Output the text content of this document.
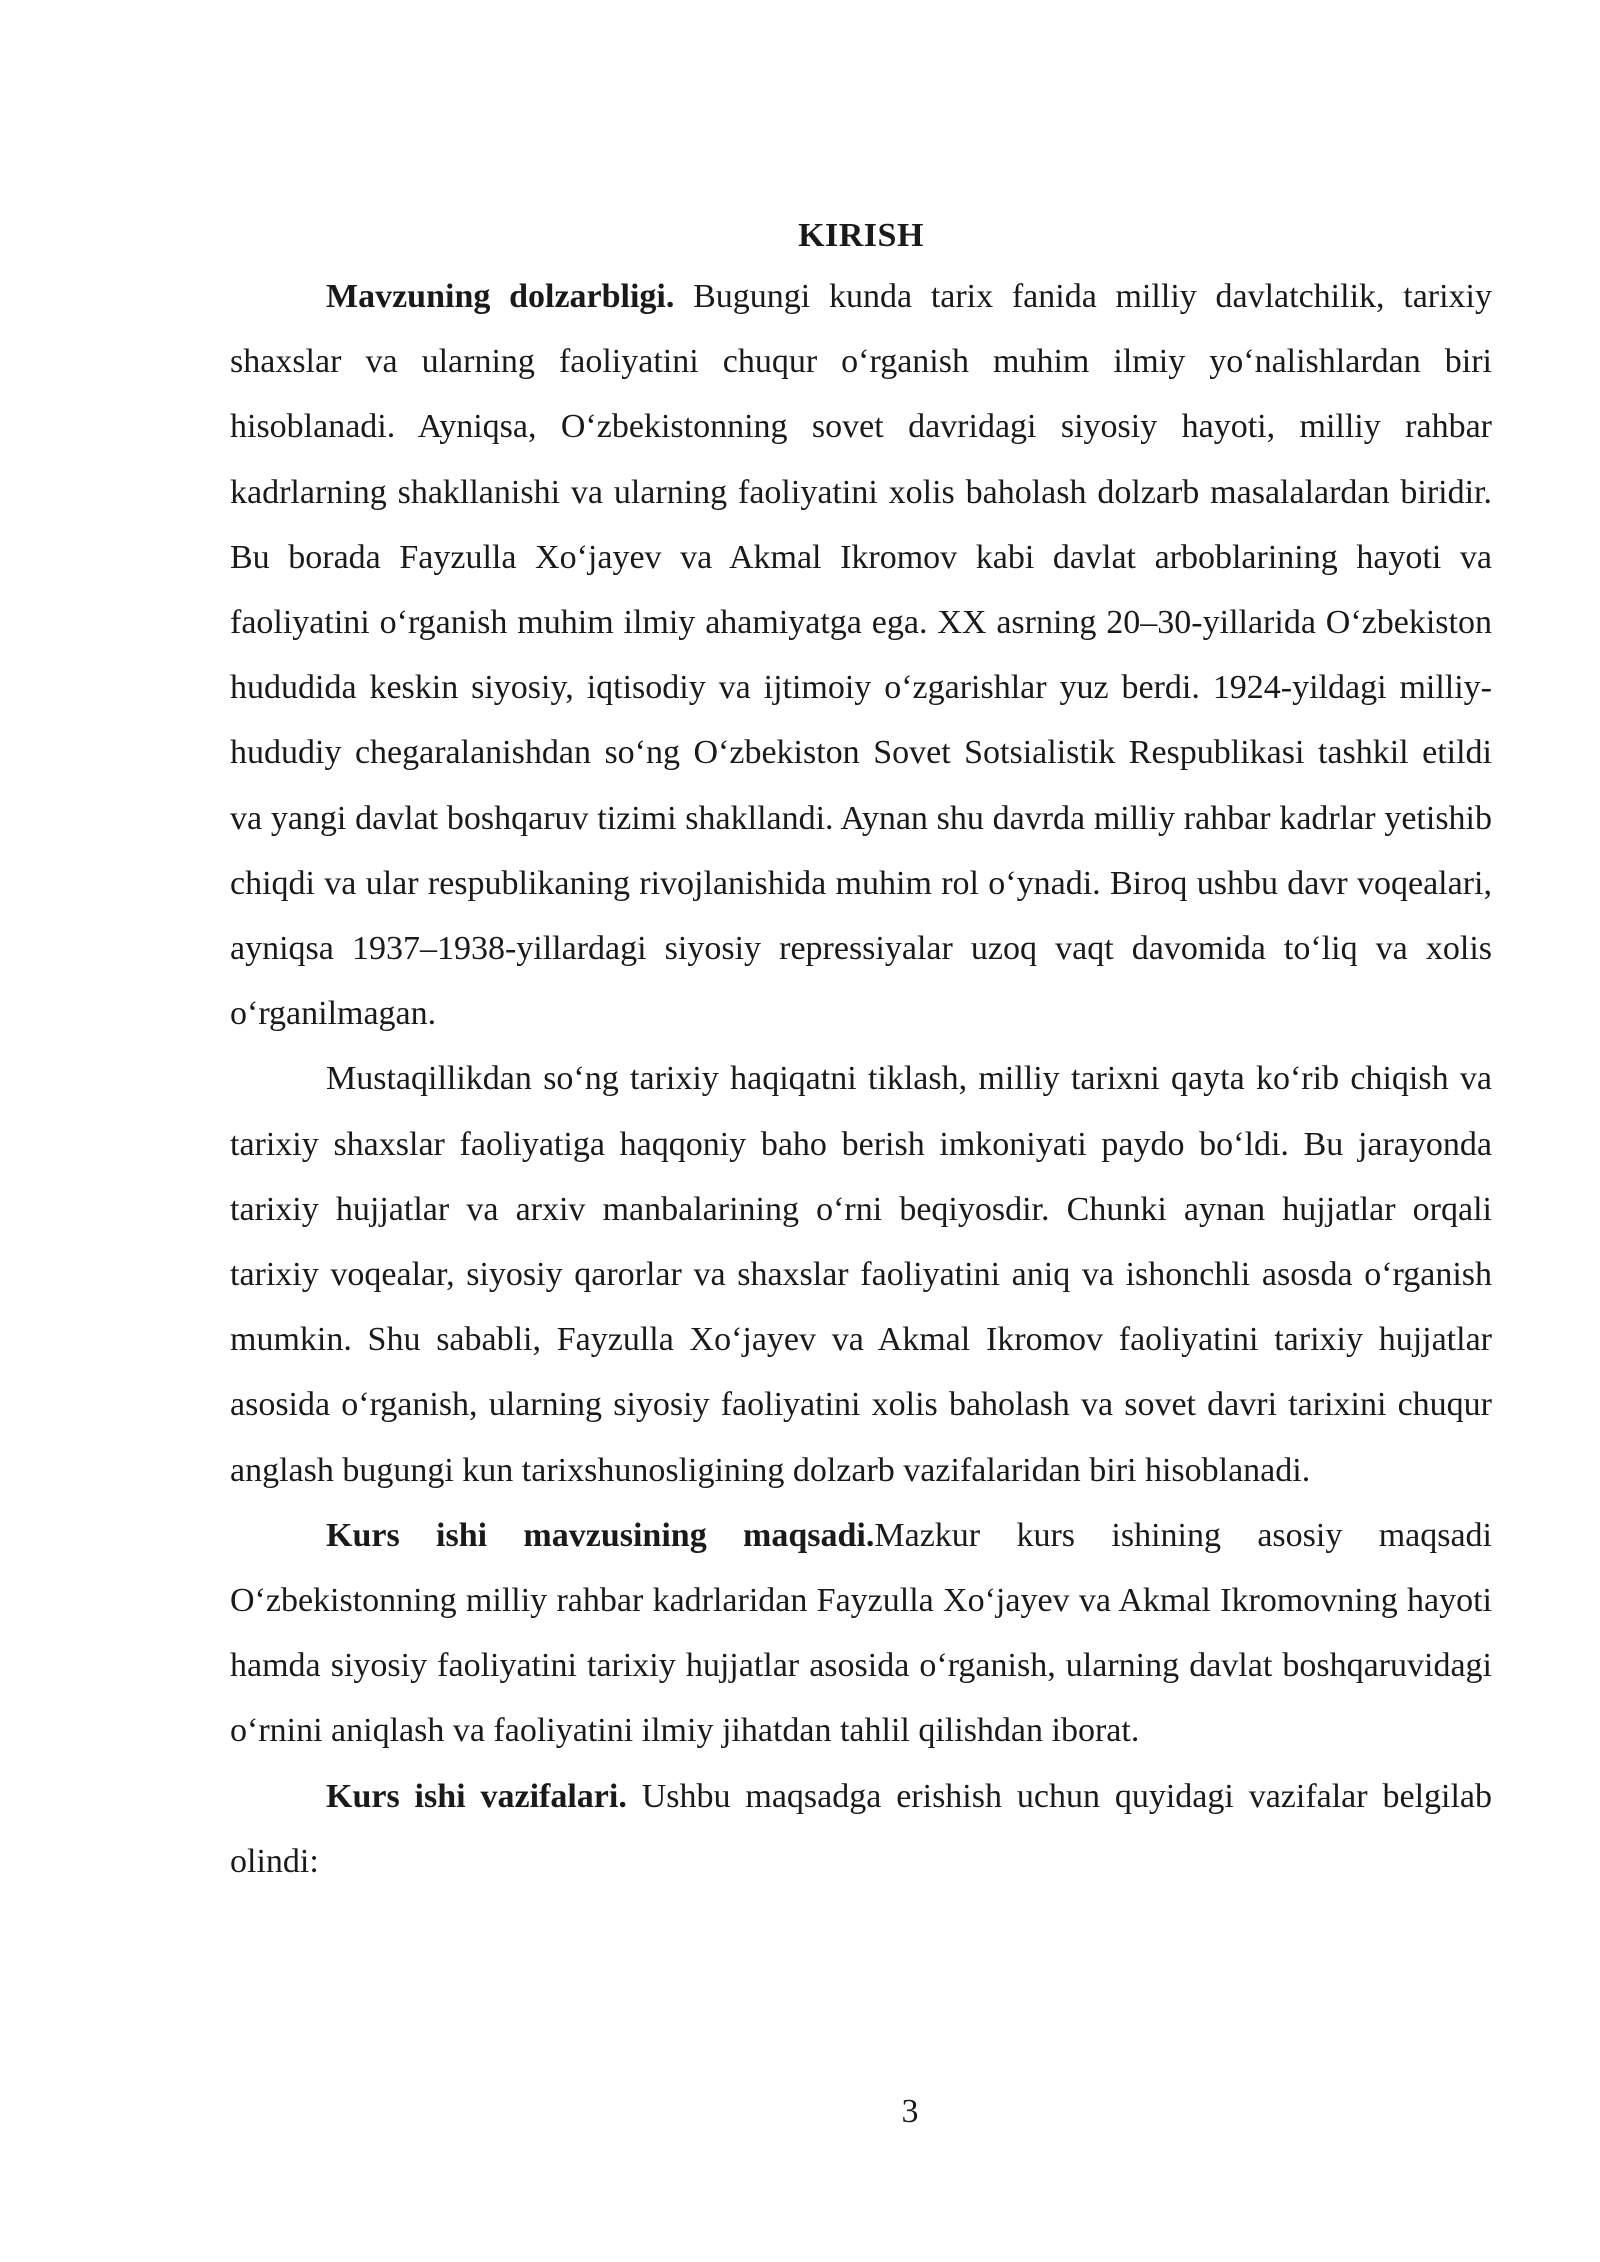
KIRISH

Mavzuning dolzarbligi. Bugungi kunda tarix fanida milliy davlatchilik, tarixiy shaxslar va ularning faoliyatini chuqur o‘rganish muhim ilmiy yo‘nalishlardan biri hisoblanadi. Ayniqsa, O‘zbekistonning sovet davridagi siyosiy hayoti, milliy rahbar kadrlarning shakllanishi va ularning faoliyatini xolis baholash dolzarb masalalardan biridir. Bu borada Fayzulla Xo‘jayev va Akmal Ikromov kabi davlat arboblarining hayoti va faoliyatini o‘rganish muhim ilmiy ahamiyatga ega. XX asrning 20–30-yillarida O‘zbekiston hududida keskin siyosiy, iqtisodiy va ijtimoiy o‘zgarishlar yuz berdi. 1924-yildagi milliy-hududiy chegaralanishdan so‘ng O‘zbekiston Sovet Sotsialistik Respublikasi tashkil etildi va yangi davlat boshqaruv tizimi shakllandi. Aynan shu davrda milliy rahbar kadrlar yetishib chiqdi va ular respublikaning rivojlanishida muhim rol o‘ynadi. Biroq ushbu davr voqealari, ayniqsa 1937–1938-yillardagi siyosiy repressiyalar uzoq vaqt davomida to‘liq va xolis o‘rganilmagan.

Mustaqillikdan so‘ng tarixiy haqiqatni tiklash, milliy tarixni qayta ko‘rib chiqish va tarixiy shaxslar faoliyatiga haqqoniy baho berish imkoniyati paydo bo‘ldi. Bu jarayonda tarixiy hujjatlar va arxiv manbalarining o‘rni beqiyosdir. Chunki aynan hujjatlar orqali tarixiy voqealar, siyosiy qarorlar va shaxslar faoliyatini aniq va ishonchli asosda o‘rganish mumkin. Shu sababli, Fayzulla Xo‘jayev va Akmal Ikromov faoliyatini tarixiy hujjatlar asosida o‘rganish, ularning siyosiy faoliyatini xolis baholash va sovet davri tarixini chuqur anglash bugungi kun tarixshunosligining dolzarb vazifalaridan biri hisoblanadi.

Kurs ishi mavzusining maqsadi.Mazkur kurs ishining asosiy maqsadi O‘zbekistonning milliy rahbar kadrlaridan Fayzulla Xo‘jayev va Akmal Ikromovning hayoti hamda siyosiy faoliyatini tarixiy hujjatlar asosida o‘rganish, ularning davlat boshqaruvidagi o‘rnini aniqlash va faoliyatini ilmiy jihatdan tahlil qilishdan iborat.

Kurs ishi vazifalari. Ushbu maqsadga erishish uchun quyidagi vazifalar belgilab olindi:

3
